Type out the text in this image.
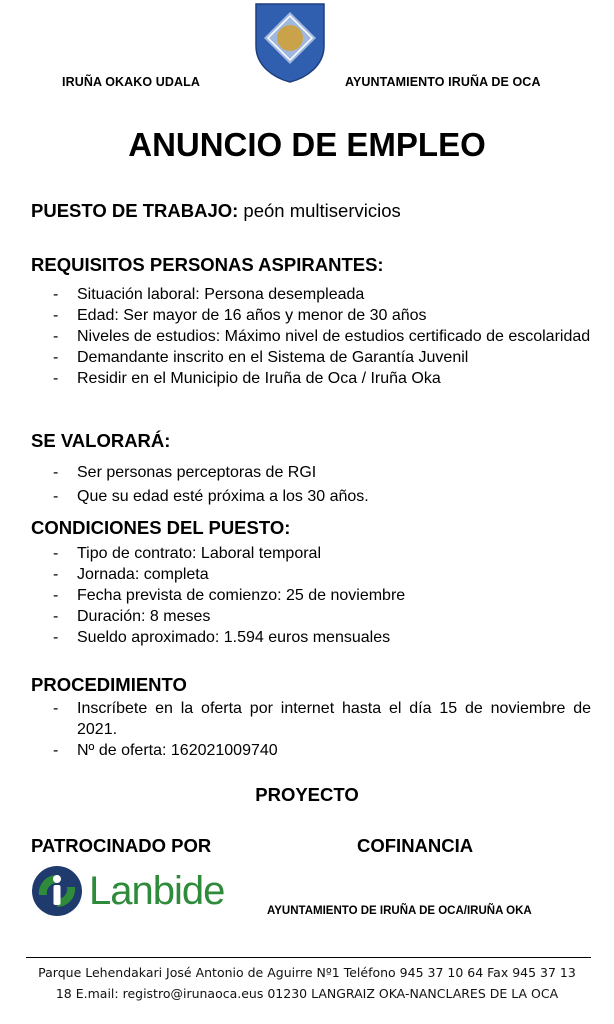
IRUÑA OKAKO UDALA	AYUNTAMIENTO IRUÑA DE OCA
ANUNCIO DE EMPLEO
PUESTO DE TRABAJO: peón multiservicios
REQUISITOS PERSONAS ASPIRANTES:
- Situación laboral: Persona desempleada
- Edad: Ser mayor de 16 años y menor de 30 años
- Niveles de estudios: Máximo nivel de estudios certificado de escolaridad
- Demandante inscrito en el Sistema de Garantía Juvenil
- Residir en el Municipio de Iruña de Oca / Iruña Oka
SE VALORARÁ:
- Ser personas perceptoras de RGI
- Que su edad esté próxima a los 30 años.
CONDICIONES DEL PUESTO:
- Tipo de contrato: Laboral temporal
- Jornada: completa
- Fecha prevista de comienzo: 25 de noviembre
- Duración: 8 meses
- Sueldo aproximado: 1.594 euros mensuales
PROCEDIMIENTO
- Inscríbete en la oferta por internet hasta el día 15 de noviembre de 2021.
- Nº de oferta: 162021009740
PROYECTO
PATROCINADO POR	COFINANCIA
Lanbide	AYUNTAMIENTO DE IRUÑA DE OCA/IRUÑA OKA
Parque Lehendakari José Antonio de Aguirre Nº1 Teléfono 945 37 10 64 Fax 945 37 13
18 E.mail: registro@irunaoca.eus 01230 LANGRAIZ OKA-NANCLARES DE LA OCA
